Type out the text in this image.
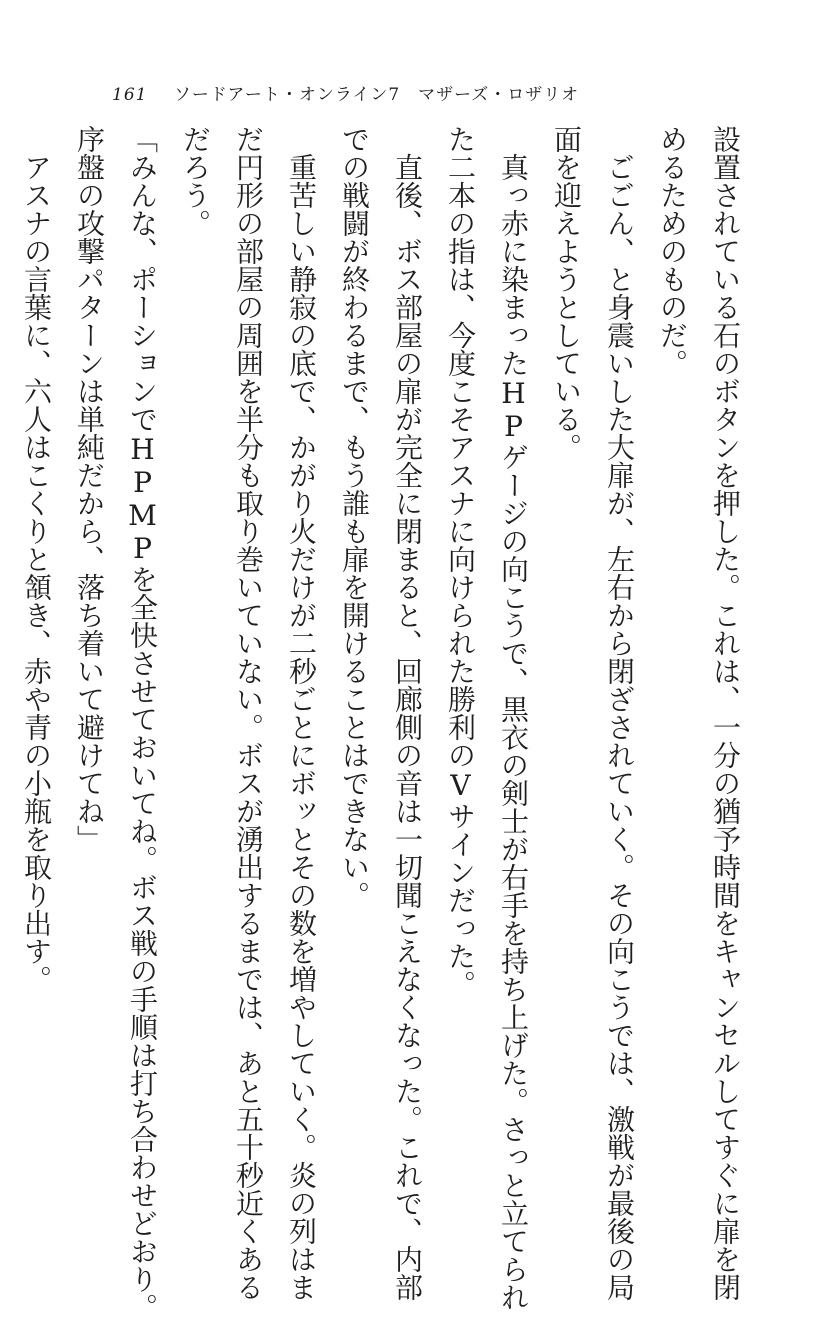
161 ソードアート・オンライン7　マザーズ・ロザリオ
設置されている石のボタンを押した。これは、一分の猶予時間をキャンセルしてすぐに扉を閉
めるためのものだ。
　ごごん、と身震いした大扉が、左右から閉ざされていく。その向こうでは、激戦が最後の局
面を迎えようとしている。
　真っ赤に染まったHPゲージの向こうで、黒衣の剣士が右手を持ち上げた。さっと立てられ
た二本の指は、今度こそアスナに向けられた勝利のVサインだった。
　直後、ボス部屋の扉が完全に閉まると、回廊側の音は一切聞こえなくなった。これで、内部
での戦闘が終わるまで、もう誰も扉を開けることはできない。
　重苦しい静寂の底で、かがり火だけが二秒ごとにボッとその数を増やしていく。炎の列はま
だ円形の部屋の周囲を半分も取り巻いていない。ボスが湧出するまでは、あと五十秒近くある
だろう。
「みんな、ポーションでHPMPを全快させておいてね。ボス戦の手順は打ち合わせどおり。
序盤の攻撃パターンは単純だから、落ち着いて避けてね」
　アスナの言葉に、六人はこくりと頷き、赤や青の小瓶を取り出す。
